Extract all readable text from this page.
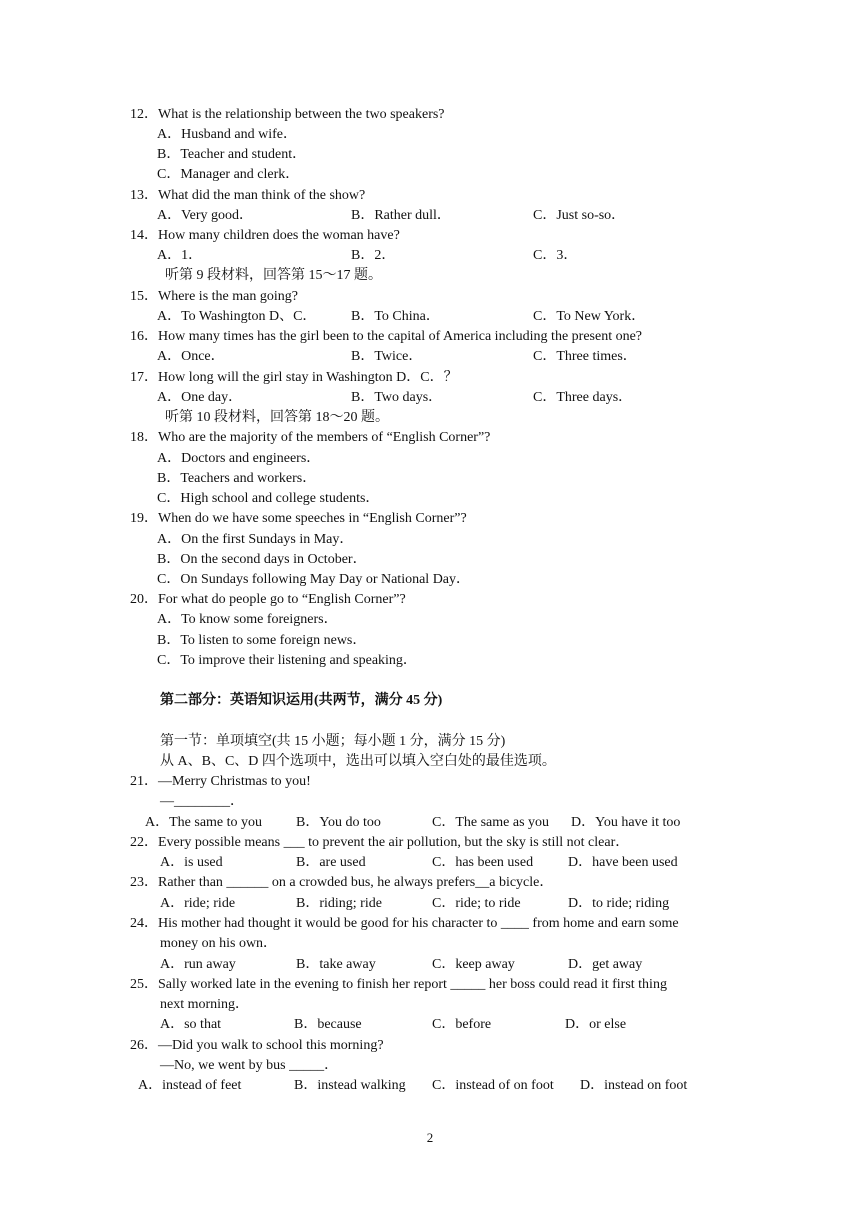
12．What is the relationship between the two speakers?
A．Husband and wife．
B．Teacher and student．
C．Manager and clerk．
13．What did the man think of the show?
A．Very good．	B．Rather dull．	C．Just so-so．
14．How many children does the woman have?
A．1．	B．2．	C．3．
听第 9 段材料，回答第 15～17 题。
15．Where is the man going?
A．To Washington D、C． B．To China．	C．To New York．
16．How many times has the girl been to the capital of America including the present one?
A．Once．	B．Twice．	C．Three times．
17．How long will the girl stay in Washington D．C．？
A．One day．	B．Two days．	C．Three days．
听第 10 段材料，回答第 18～20 题。
18．Who are the majority of the members of “English Corner”?
A．Doctors and engineers．
B．Teachers and workers．
C．High school and college students．
19．When do we have some speeches in “English Corner”?
A．On the first Sundays in May．
B．On the second days in October．
C．On Sundays following May Day or National Day．
20．For what do people go to “English Corner”?
A．To know some foreigners．
B．To listen to some foreign news．
C．To improve their listening and speaking．
第二部分：英语知识运用(共两节，满分 45 分)
第一节：单项填空(共 15 小题；每小题 1 分，满分 15 分)
从 A、B、C、D 四个选项中，选出可以填入空白处的最佳选项。
21．—Merry Christmas to you!
—________．
A．The same to you B．You do too	C．The same as you D．You have it too
22．Every possible means ___ to prevent the air pollution, but the sky is still not clear．
A．is used	B．are used	C．has been used D．have been used
23．Rather than ______ on a crowded bus, he always prefers__a bicycle．
A．ride; ride	B．riding; ride	C．ride; to ride	D．to ride; riding
24．His mother had thought it would be good for his character to ____ from home and earn some
money on his own．
A．run away	B．take away	C．keep away	D．get away
25．Sally worked late in the evening to finish her report _____ her boss could read it first thing
next morning．
A．so that	B．because	C．before	D．or else
26．—Did you walk to school this morning?
—No, we went by bus _____．
A．instead of feet	B．instead walking C．instead of on foot D．instead on foot
2
